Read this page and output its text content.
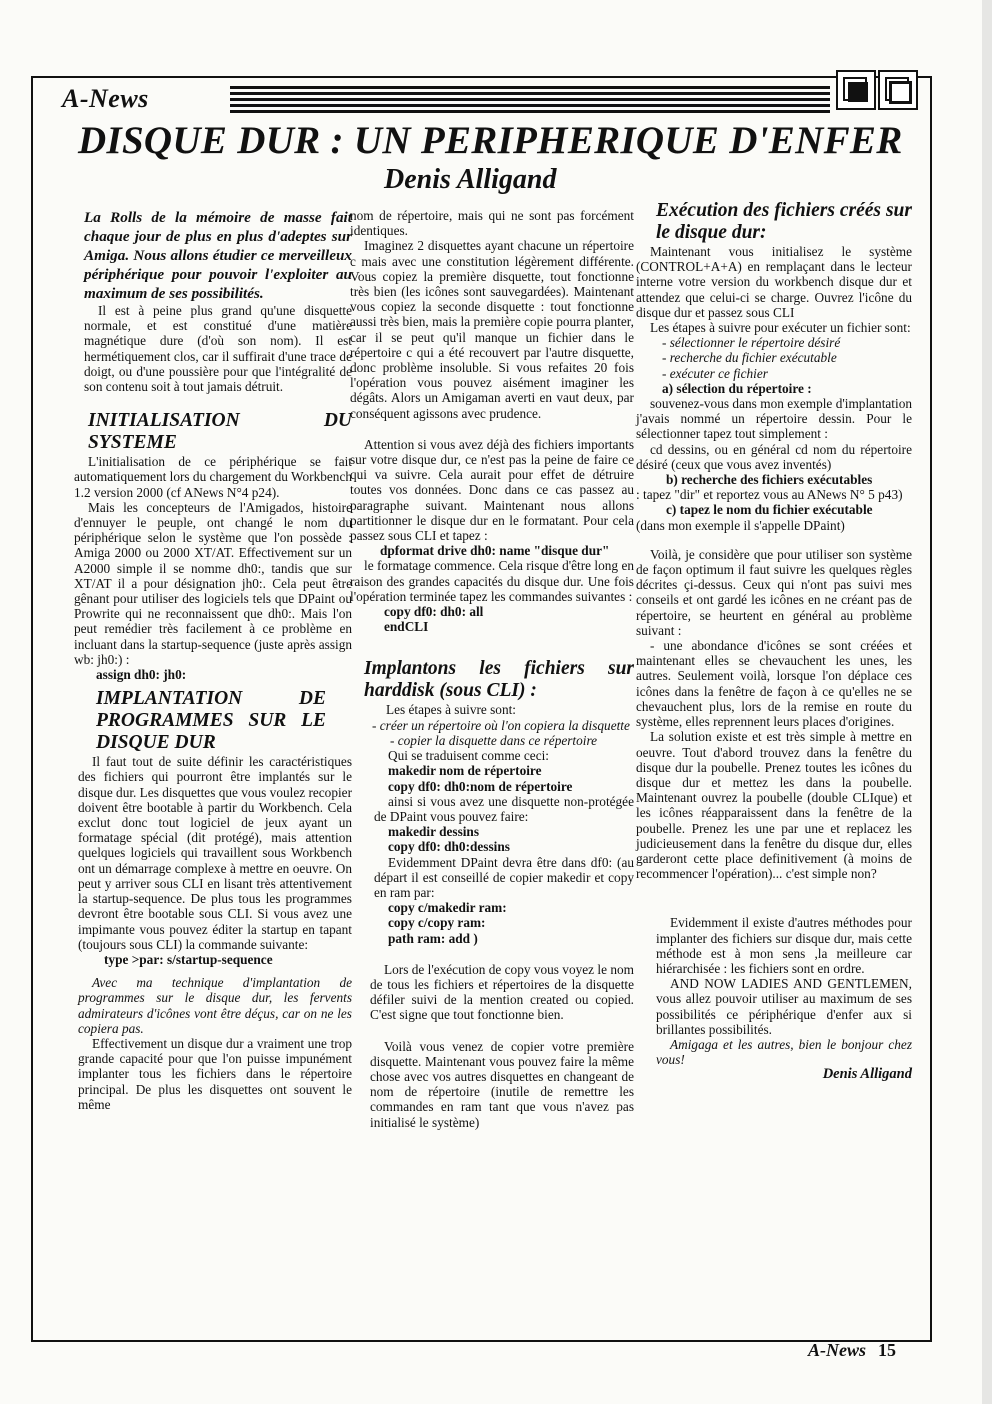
A-News
DISQUE DUR : UN PERIPHERIQUE D'ENFER
Denis Alligand

La Rolls de la mémoire de masse fait chaque jour de plus en plus d'adeptes sur Amiga. Nous allons étudier ce merveilleux périphérique pour pouvoir l'exploiter au maximum de ses possibilités.

Il est à peine plus grand qu'une disquette normale, et est constitué d'une matière magnétique dure (d'où son nom). Il est hermétiquement clos, car il suffirait d'une trace de doigt, ou d'une poussière pour que l'intégralité de son contenu soit à tout jamais détruit.

INITIALISATION DU SYSTEME

L'initialisation de ce périphérique se fait automatiquement lors du chargement du Workbench 1.2 version 2000 (cf ANews N°4 p24).

Mais les concepteurs de l'Amigados, histoire d'ennuyer le peuple, ont changé le nom du périphérique selon le système que l'on possède : Amiga 2000 ou 2000 XT/AT. Effectivement sur un A2000 simple il se nomme dh0:, tandis que sur XT/AT il a pour désignation jh0:. Cela peut être gênant pour utiliser des logiciels tels que DPaint ou Prowrite qui ne reconnaissent que dh0:. Mais l'on peut remédier très facilement à ce problème en incluant dans la startup-sequence (juste après assign wb: jh0:) :

assign dh0: jh0:

IMPLANTATION DE PROGRAMMES SUR LE DISQUE DUR

Il faut tout de suite définir les caractéristiques des fichiers qui pourront être implantés sur le disque dur. Les disquettes que vous voulez recopier doivent être bootable à partir du Workbench. Cela exclut donc tout logiciel de jeux ayant un formatage spécial (dit protégé), mais attention quelques logiciels qui travaillent sous Workbench ont un démarrage complexe à mettre en oeuvre. On peut y arriver sous CLI en lisant très attentivement la startup-sequence. De plus tous les programmes devront être bootable sous CLI. Si vous avez une impimante vous pouvez éditer la startup en tapant (toujours sous CLI) la commande suivante:

type >par: s/startup-sequence

Avec ma technique d'implantation de programmes sur le disque dur, les fervents admirateurs d'icônes vont être déçus, car on ne les copiera pas.

Effectivement un disque dur a vraiment une trop grande capacité pour que l'on puisse impunément implanter tous les fichiers dans le répertoire principal. De plus les disquettes ont souvent le même

nom de répertoire, mais qui ne sont pas forcément identiques.

Imaginez 2 disquettes ayant chacune un répertoire c mais avec une constitution légèrement différente. Vous copiez la première disquette, tout fonctionne très bien (les icônes sont sauvegardées). Maintenant vous copiez la seconde disquette : tout fonctionne aussi très bien, mais la première copie pourra planter, car il se peut qu'il manque un fichier dans le répertoire c qui a été recouvert par l'autre disquette, donc problème insoluble. Si vous refaites 20 fois l'opération vous pouvez aisément imaginer les dégâts. Alors un Amigaman averti en vaut deux, par conséquent agissons avec prudence.

Attention si vous avez déjà des fichiers importants sur votre disque dur, ce n'est pas la peine de faire ce qui va suivre. Cela aurait pour effet de détruire toutes vos données. Donc dans ce cas passez au paragraphe suivant. Maintenant nous allons partitionner le disque dur en le formatant. Pour cela passez sous CLI et tapez :

dpformat drive dh0: name "disque dur"

le formatage commence. Cela risque d'être long en raison des grandes capacités du disque dur. Une fois l'opération terminée tapez les commandes suivantes :

copy df0: dh0: all

endCLI

Implantons les fichiers sur harddisk (sous CLI) :

Les étapes à suivre sont:

- créer un répertoire où l'on copiera la disquette

- copier la disquette dans ce répertoire

Qui se traduisent comme ceci:

makedir nom de répertoire

copy df0: dh0:nom de répertoire

ainsi si vous avez une disquette non-protégée de DPaint vous pouvez faire:

makedir dessins

copy df0: dh0:dessins

Evidemment DPaint devra être dans df0: (au départ il est conseillé de copier makedir et copy en ram par:

copy c/makedir ram:

copy c/copy ram:

path ram: add )

Lors de l'exécution de copy vous voyez le nom de tous les fichiers et répertoires de la disquette défiler suivi de la mention created ou copied. C'est signe que tout fonctionne bien.

Voilà vous venez de copier votre première disquette. Maintenant vous pouvez faire la même chose avec vos autres disquettes en changeant de nom de répertoire (inutile de remettre les commandes en ram tant que vous n'avez pas initialisé le système)

Exécution des fichiers créés sur le disque dur:

Maintenant vous initialisez le système (CONTROL+A+A) en remplaçant dans le lecteur interne votre version du workbench disque dur et attendez que celui-ci se charge. Ouvrez l'icône du disque dur et passez sous CLI

Les étapes à suivre pour exécuter un fichier sont:

- sélectionner le répertoire désiré

- recherche du fichier exécutable

- exécuter ce fichier

a) sélection du répertoire :

souvenez-vous dans mon exemple d'implantation j'avais nommé un répertoire dessin. Pour le sélectionner tapez tout simplement :

cd dessins, ou en général cd nom du répertoire désiré (ceux que vous avez inventés)

b) recherche des fichiers exécutables

: tapez "dir" et reportez vous au ANews N° 5 p43)

c) tapez le nom du fichier exécutable

(dans mon exemple il s'appelle DPaint)

Voilà, je considère que pour utiliser son système de façon optimum il faut suivre les quelques règles décrites çi-dessus. Ceux qui n'ont pas suivi mes conseils et ont gardé les icônes en ne créant pas de répertoire, se heurtent en général au problème suivant :

- une abondance d'icônes se sont créées et maintenant elles se chevauchent les unes, les autres. Seulement voilà, lorsque l'on déplace ces icônes dans la fenêtre de façon à ce qu'elles ne se chevauchent plus, lors de la remise en route du système, elles reprennent leurs places d'origines.

La solution existe et est très simple à mettre en oeuvre. Tout d'abord trouvez dans la fenêtre du disque dur la poubelle. Prenez toutes les icônes du disque dur et mettez les dans la poubelle. Maintenant ouvrez la poubelle (double CLIque) et les icônes réapparaissent dans la fenêtre de la poubelle. Prenez les une par une et replacez les judicieusement dans la fenêtre du disque dur, elles garderont cette place definitivement (à moins de recommencer l'opération)... c'est simple non?

Evidemment il existe d'autres méthodes pour implanter des fichiers sur disque dur, mais cette méthode est à mon sens ,la meilleure car hiérarchisée : les fichiers sont en ordre.

AND NOW LADIES AND GENTLEMEN, vous allez pouvoir utiliser au maximum de ses possibilités ce périphérique d'enfer aux si brillantes possibilités.

Amigaga et les autres, bien le bonjour chez vous!

Denis Alligand

A-News 15
